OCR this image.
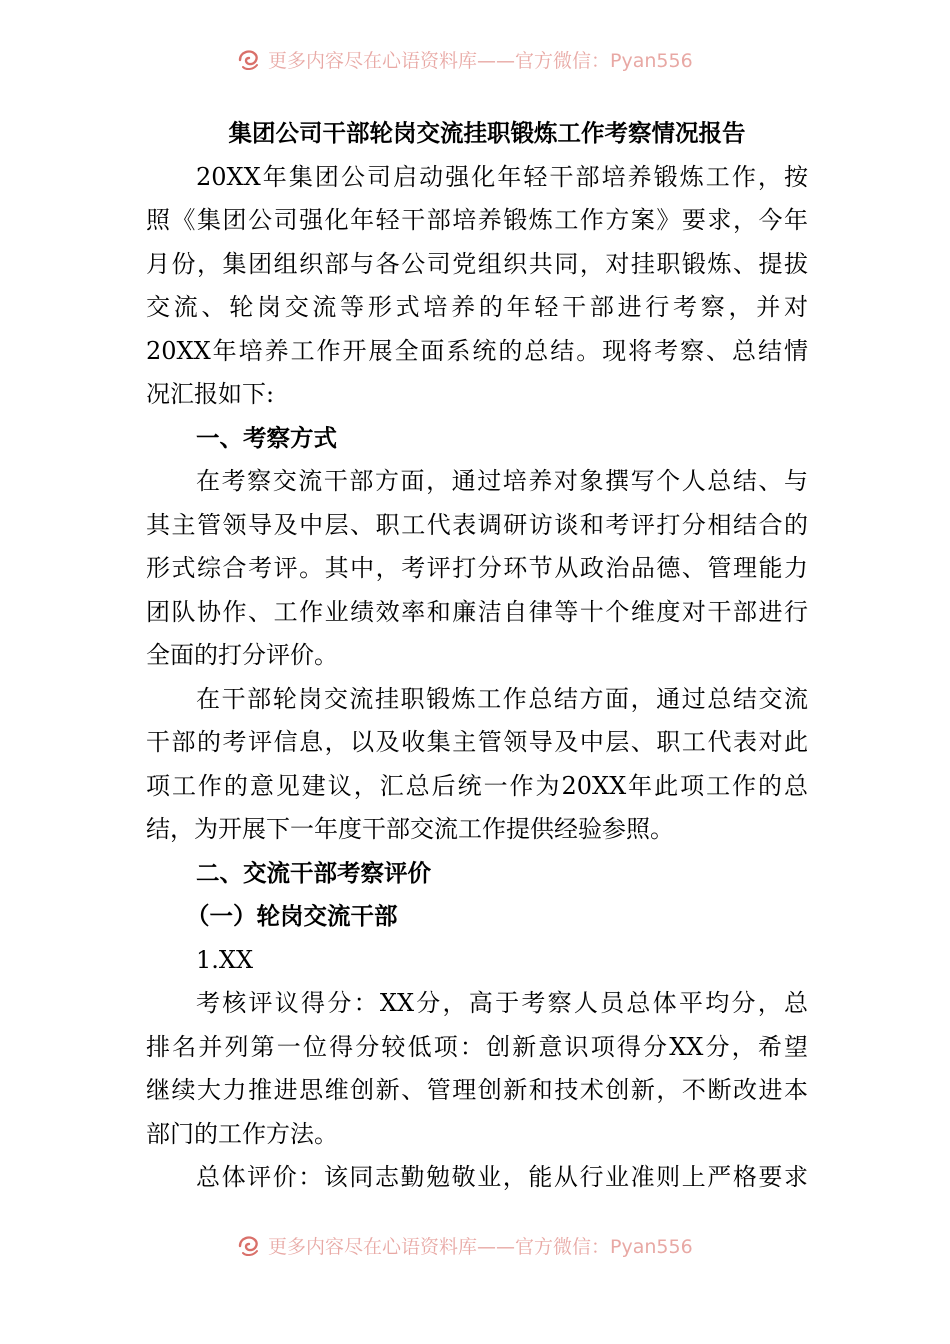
更多内容尽在心语资料库——官方微信：Pyan556
集团公司干部轮岗交流挂职锻炼工作考察情况报告
20XX年集团公司启动强化年轻干部培养锻炼工作，按
照《集团公司强化年轻干部培养锻炼工作方案》要求，今年
月份，集团组织部与各公司党组织共同，对挂职锻炼、提拔
交流、轮岗交流等形式培养的年轻干部进行考察，并对
20XX年培养工作开展全面系统的总结。现将考察、总结情
况汇报如下:
一、考察方式
在考察交流干部方面，通过培养对象撰写个人总结、与
其主管领导及中层、职工代表调研访谈和考评打分相结合的
形式综合考评。其中，考评打分环节从政治品德、管理能力
团队协作、工作业绩效率和廉洁自律等十个维度对干部进行
全面的打分评价。
在干部轮岗交流挂职锻炼工作总结方面，通过总结交流
干部的考评信息，以及收集主管领导及中层、职工代表对此
项工作的意见建议，汇总后统一作为20XX年此项工作的总
结，为开展下一年度干部交流工作提供经验参照。
二、交流干部考察评价
（一）轮岗交流干部
1.XX
考核评议得分：XX分，高于考察人员总体平均分，总
排名并列第一位得分较低项：创新意识项得分XX分，希望
继续大力推进思维创新、管理创新和技术创新，不断改进本
部门的工作方法。
总体评价：该同志勤勉敬业，能从行业准则上严格要求
更多内容尽在心语资料库——官方微信：Pyan556
